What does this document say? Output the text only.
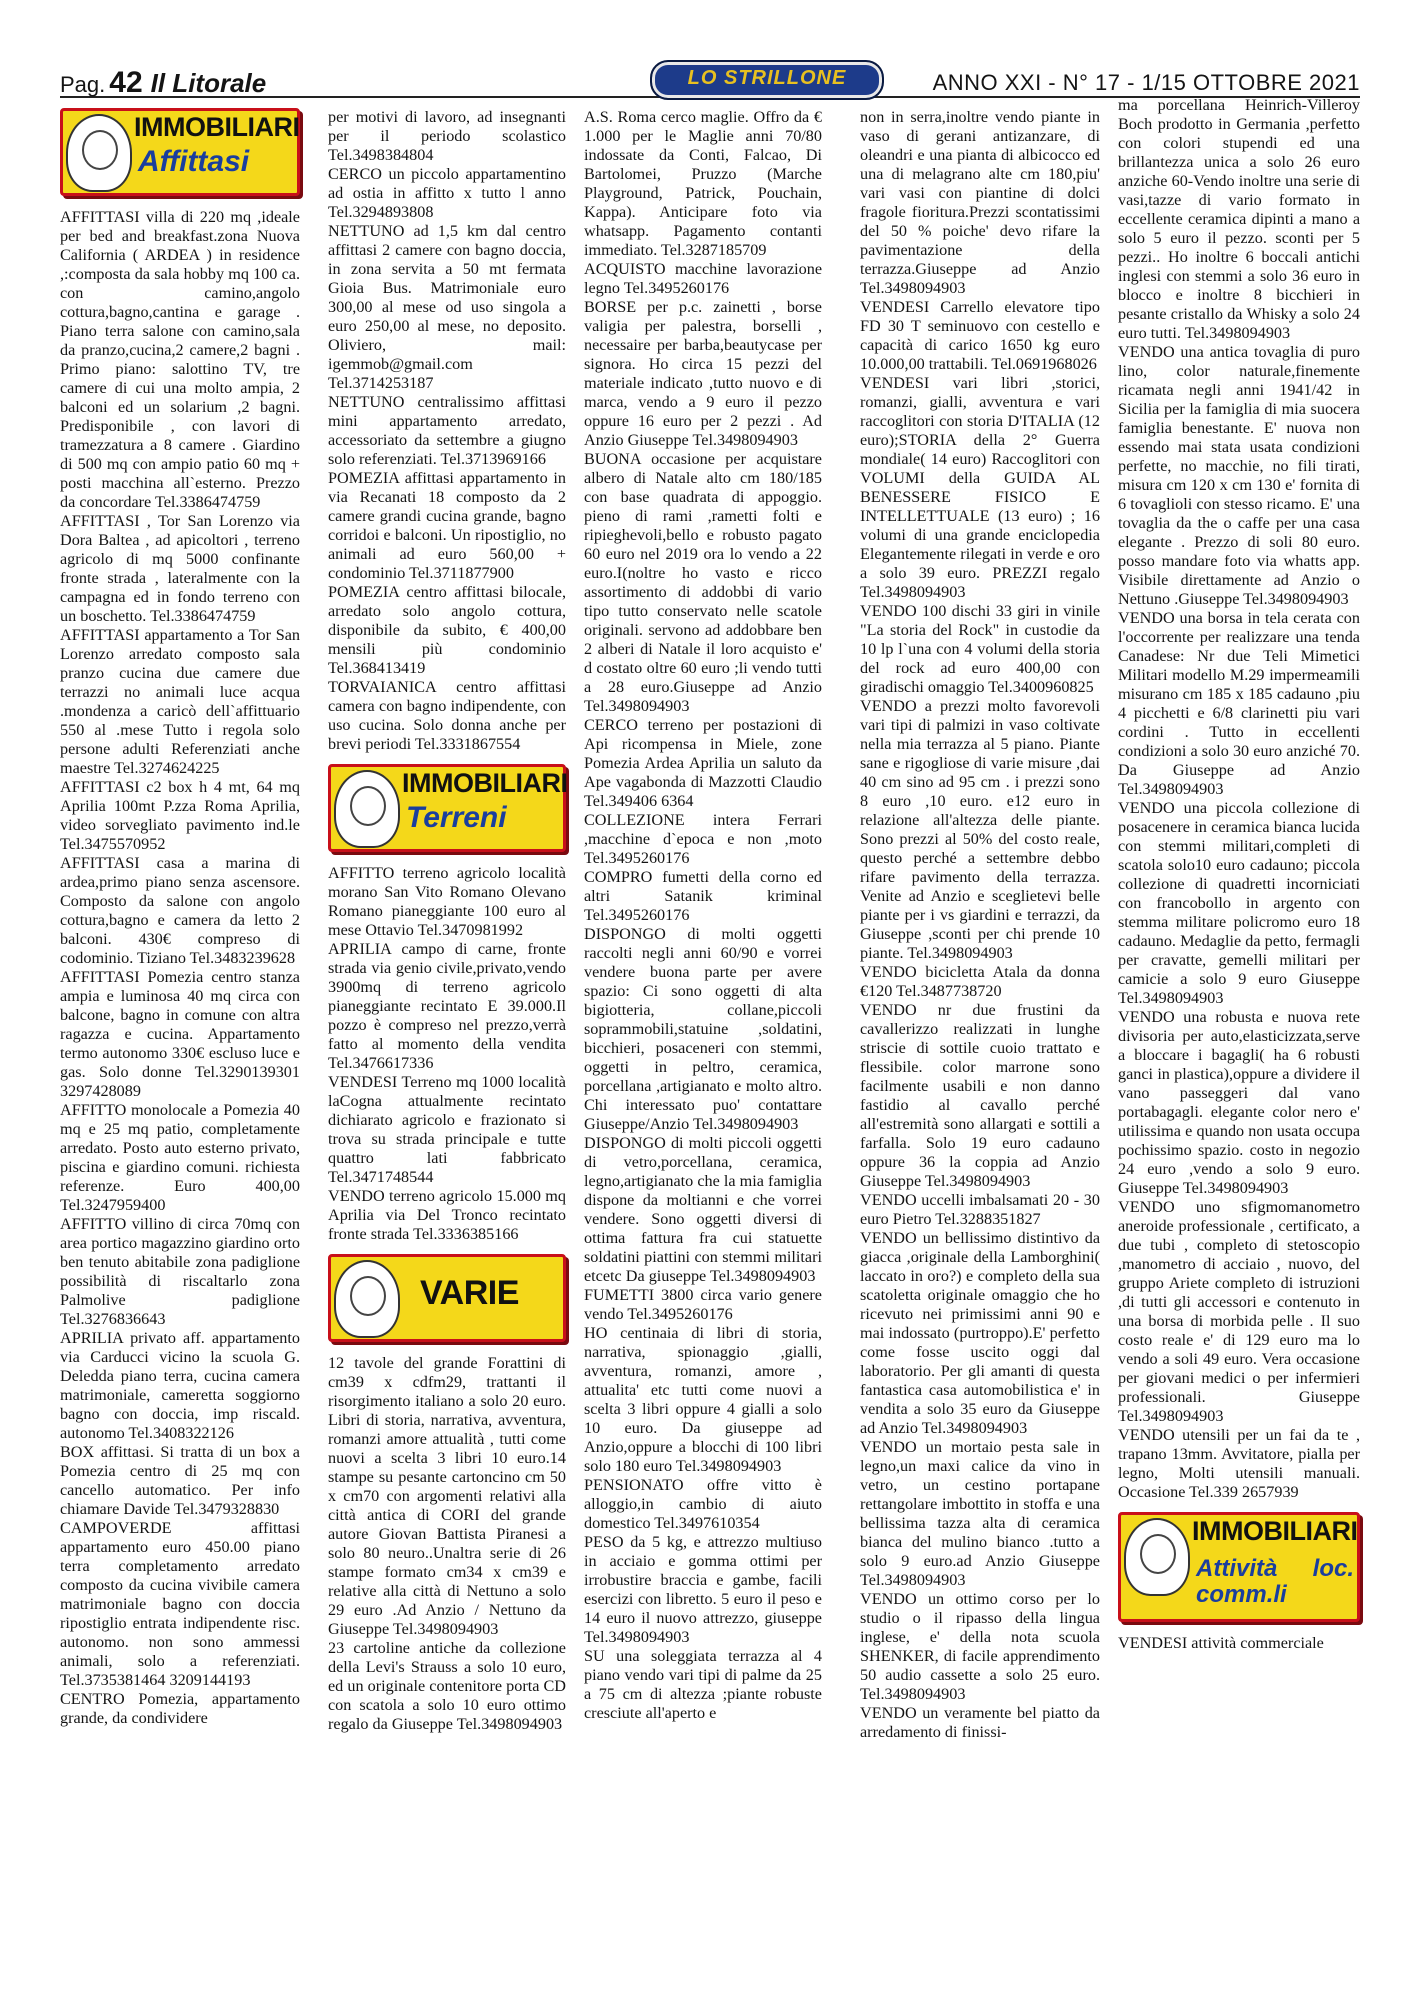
Pag. 42 Il Litorale	LO STRILLONE	ANNO XXI - N° 17 - 1/15 OTTOBRE 2021
IMMOBILIARI
Affittasi

AFFITTASI villa di 220 mq ,ideale per bed and breakfast.zona Nuova California ( ARDEA ) in residence ,:composta da sala hobby mq 100 ca. con camino,angolo cottura,bagno,cantina e garage . Piano terra salone con camino,sala da pranzo,cucina,2 camere,2 bagni . Primo piano: salottino TV, tre camere di cui una molto ampia, 2 balconi ed un solarium ,2 bagni. Predisponibile , con lavori di tramezzatura a 8 camere . Giardino di 500 mq con ampio patio 60 mq + posti macchina all`esterno. Prezzo da concordare Tel.3386474759

AFFITTASI , Tor San Lorenzo via Dora Baltea , ad apicoltori , terreno agricolo di mq 5000 confinante fronte strada , lateralmente con la campagna ed in fondo terreno con un boschetto. Tel.3386474759

AFFITTASI appartamento a Tor San Lorenzo arredato composto sala pranzo cucina due camere due terrazzi no animali luce acqua .mondenza a caricò dell`affittuario 550 al .mese Tutto i regola solo persone adulti Referenziati anche maestre Tel.3274624225

AFFITTASI c2 box h 4 mt, 64 mq Aprilia 100mt P.zza Roma Aprilia, video sorvegliato pavimento ind.le Tel.3475570952

AFFITTASI casa a marina di ardea,primo piano senza ascensore. Composto da salone con angolo cottura,bagno e camera da letto 2 balconi. 430€ compreso di codominio. Tiziano Tel.3483239628

AFFITTASI Pomezia centro stanza ampia e luminosa 40 mq circa con balcone, bagno in comune con altra ragazza e cucina. Appartamento termo autonomo 330€ escluso luce e gas. Solo donne Tel.3290139301 3297428089

AFFITTO monolocale a Pomezia 40 mq e 25 mq patio, completamente arredato. Posto auto esterno privato, piscina e giardino comuni. richiesta referenze. Euro 400,00 Tel.3247959400

AFFITTO villino di circa 70mq con area portico magazzino giardino orto ben tenuto abitabile zona padiglione possibilità di riscaltarlo zona Palmolive padiglione Tel.3276836643

APRILIA privato aff. appartamento via Carducci vicino la scuola G. Deledda piano terra, cucina camera matrimoniale, cameretta soggiorno bagno con doccia, imp riscald. autonomo Tel.3408322126

BOX affittasi. Si tratta di un box a Pomezia centro di 25 mq con cancello automatico. Per info chiamare Davide Tel.3479328830

CAMPOVERDE affittasi appartamento euro 450.00 piano terra completamento arredato composto da cucina vivibile camera matrimoniale bagno con doccia ripostiglio entrata indipendente risc. autonomo. non sono ammessi animali, solo a referenziati. Tel.3735381464 3209144193

CENTRO Pomezia, appartamento grande, da condividere

per motivi di lavoro, ad insegnanti per il periodo scolastico Tel.3498384804

CERCO un piccolo appartamentino ad ostia in affitto x tutto l anno Tel.3294893808

NETTUNO ad 1,5 km dal centro affittasi 2 camere con bagno doccia, in zona servita a 50 mt fermata Gioia Bus. Matrimoniale euro 300,00 al mese od uso singola a euro 250,00 al mese, no deposito. Oliviero, mail: igemmob@gmail.com Tel.3714253187

NETTUNO centralissimo affittasi mini appartamento arredato, accessoriato da settembre a giugno solo referenziati. Tel.3713969166

POMEZIA affittasi appartamento in via Recanati 18 composto da 2 camere grandi cucina grande, bagno corridoi e balconi. Un ripostiglio, no animali ad euro 560,00 + condominio Tel.3711877900

POMEZIA centro affittasi bilocale, arredato solo angolo cottura, disponibile da subito, € 400,00 mensili più condominio Tel.368413419

TORVAIANICA centro affittasi camera con bagno indipendente, con uso cucina. Solo donna anche per brevi periodi Tel.3331867554

IMMOBILIARI
Terreni

AFFITTO terreno agricolo località morano San Vito Romano Olevano Romano pianeggiante 100 euro al mese Ottavio Tel.3470981992

APRILIA campo di carne, fronte strada via genio civile,privato,vendo 3900mq di terreno agricolo pianeggiante recintato E 39.000.Il pozzo è compreso nel prezzo,verrà fatto al momento della vendita Tel.3476617336

VENDESI Terreno mq 1000 località laCogna attualmente recintato dichiarato agricolo e frazionato si trova su strada principale e tutte quattro lati fabbricato Tel.3471748544

VENDO terreno agricolo 15.000 mq Aprilia via Del Tronco recintato fronte strada Tel.3336385166

VARIE

12 tavole del grande Forattini di cm39 x cdfm29, trattanti il risorgimento italiano a solo 20 euro. Libri di storia, narrativa, avventura, romanzi amore attualità , tutti come nuovi a scelta 3 libri 10 euro.14 stampe su pesante cartoncino cm 50 x cm70 con argomenti relativi alla città antica di CORI del grande autore Giovan Battista Piranesi a solo 80 neuro..Unaltra serie di 26 stampe formato cm34 x cm39 e relative alla città di Nettuno a solo 29 euro .Ad Anzio / Nettuno da Giuseppe Tel.3498094903

23 cartoline antiche da collezione della Levi's Strauss a solo 10 euro, ed un originale contenitore porta CD con scatola a solo 10 euro ottimo regalo da Giuseppe Tel.3498094903

A.S. Roma cerco maglie. Offro da € 1.000 per le Maglie anni 70/80 indossate da Conti, Falcao, Di Bartolomei, Pruzzo (Marche Playground, Patrick, Pouchain, Kappa). Anticipare foto via whatsapp. Pagamento contanti immediato. Tel.3287185709

ACQUISTO macchine lavorazione legno Tel.3495260176

BORSE per p.c. zainetti , borse valigia per palestra, borselli , necessaire per barba,beautycase per signora. Ho circa 15 pezzi del materiale indicato ,tutto nuovo e di marca, vendo a 9 euro il pezzo oppure 16 euro per 2 pezzi . Ad Anzio Giuseppe Tel.3498094903

BUONA occasione per acquistare albero di Natale alto cm 180/185 con base quadrata di appoggio. pieno di rami ,rametti folti e ripieghevoli,bello e robusto pagato 60 euro nel 2019 ora lo vendo a 22 euro.I(noltre ho vasto e ricco assortimento di addobbi di vario tipo tutto conservato nelle scatole originali. servono ad addobbare ben 2 alberi di Natale il loro acquisto e' d costato oltre 60 euro ;li vendo tutti a 28 euro.Giuseppe ad Anzio Tel.3498094903

CERCO terreno per postazioni di Api ricompensa in Miele, zone Pomezia Ardea Aprilia un saluto da Ape vagabonda di Mazzotti Claudio Tel.349406 6364

COLLEZIONE intera Ferrari ,macchine d`epoca e non ,moto Tel.3495260176

COMPRO fumetti della corno ed altri Satanik kriminal Tel.3495260176

DISPONGO di molti oggetti raccolti negli anni 60/90 e vorrei vendere buona parte per avere spazio: Ci sono oggetti di alta bigiotteria, collane,piccoli soprammobili,statuine ,soldatini, bicchieri, posaceneri con stemmi, oggetti in peltro, ceramica, porcellana ,artigianato e molto altro. Chi interessato puo' contattare Giuseppe/Anzio Tel.3498094903

DISPONGO di molti piccoli oggetti di vetro,porcellana, ceramica, legno,artigianato che la mia famiglia dispone da moltianni e che vorrei vendere. Sono oggetti diversi di ottima fattura fra cui statuette soldatini piattini con stemmi militari etcetc Da giuseppe Tel.3498094903

FUMETTI 3800 circa vario genere vendo Tel.3495260176

HO centinaia di libri di storia, narrativa, spionaggio ,gialli, avventura, romanzi, amore , attualita' etc tutti come nuovi a scelta 3 libri oppure 4 gialli a solo 10 euro. Da giuseppe ad Anzio,oppure a blocchi di 100 libri solo 180 euro Tel.3498094903

PENSIONATO offre vitto è alloggio,in cambio di aiuto domestico Tel.3497610354

PESO da 5 kg, e attrezzo multiuso in acciaio e gomma ottimi per irrobustire braccia e gambe, facili esercizi con libretto. 5 euro il peso e 14 euro il nuovo attrezzo, giuseppe Tel.3498094903

SU una soleggiata terrazza al 4 piano vendo vari tipi di palme da 25 a 75 cm di altezza ;piante robuste cresciute all'aperto e

non in serra,inoltre vendo piante in vaso di gerani antizanzare, di oleandri e una pianta di albicocco ed una di melagrano alte cm 180,piu' vari vasi con piantine di dolci fragole fioritura.Prezzi scontatissimi del 50 % poiche' devo rifare la pavimentazione della terrazza.Giuseppe ad Anzio Tel.3498094903

VENDESI Carrello elevatore tipo FD 30 T seminuovo con cestello e capacità di carico 1650 kg euro 10.000,00 trattabili. Tel.0691968026

VENDESI vari libri ,storici, romanzi, gialli, avventura e vari raccoglitori con storia D'ITALIA (12 euro);STORIA della 2° Guerra mondiale( 14 euro) Raccoglitori con VOLUMI della GUIDA AL BENESSERE FISICO E INTELLETTUALE (13 euro) ; 16 volumi di una grande enciclopedia Elegantemente rilegati in verde e oro a solo 39 euro. PREZZI regalo Tel.3498094903

VENDO 100 dischi 33 giri in vinile "La storia del Rock" in custodie da 10 lp l`una con 4 volumi della storia del rock ad euro 400,00 con giradischi omaggio Tel.3400960825

VENDO a prezzi molto favorevoli vari tipi di palmizi in vaso coltivate nella mia terrazza al 5 piano. Piante sane e rigogliose di varie misure ,dai 40 cm sino ad 95 cm . i prezzi sono 8 euro ,10 euro. e12 euro in relazione all'altezza delle piante. Sono prezzi al 50% del costo reale, questo perché a settembre debbo rifare pavimento della terrazza. Venite ad Anzio e sceglietevi belle piante per i vs giardini e terrazzi, da Giuseppe ,sconti per chi prende 10 piante. Tel.3498094903

VENDO bicicletta Atala da donna €120 Tel.3487738720

VENDO nr due frustini da cavallerizzo realizzati in lunghe striscie di sottile cuoio trattato e flessibile. color marrone sono facilmente usabili e non danno fastidio al cavallo perché all'estremità sono allargati e sottili a farfalla. Solo 19 euro cadauno oppure 36 la coppia ad Anzio Giuseppe Tel.3498094903

VENDO uccelli imbalsamati 20 - 30 euro Pietro Tel.3288351827

VENDO un bellissimo distintivo da giacca ,originale della Lamborghini( laccato in oro?) e completo della sua scatoletta originale omaggio che ho ricevuto nei primissimi anni 90 e mai indossato (purtroppo).E' perfetto come fosse uscito oggi dal laboratorio. Per gli amanti di questa fantastica casa automobilistica e' in vendita a solo 35 euro da Giuseppe ad Anzio Tel.3498094903

VENDO un mortaio pesta sale in legno,un maxi calice da vino in vetro, un cestino portapane rettangolare imbottito in stoffa e una bellissima tazza alta di ceramica bianca del mulino bianco .tutto a solo 9 euro.ad Anzio Giuseppe Tel.3498094903

VENDO un ottimo corso per lo studio o il ripasso della lingua inglese, e' della nota scuola SHENKER, di facile apprendimento 50 audio cassette a solo 25 euro. Tel.3498094903

VENDO un veramente bel piatto da arredamento di finissi-

ma porcellana Heinrich-Villeroy Boch prodotto in Germania ,perfetto con colori stupendi ed una brillantezza unica a solo 26 euro anziche 60-Vendo inoltre una serie di vasi,tazze di vario formato in eccellente ceramica dipinti a mano a solo 5 euro il pezzo. sconti per 5 pezzi.. Ho inoltre 6 boccali antichi inglesi con stemmi a solo 36 euro in blocco e inoltre 8 bicchieri in pesante cristallo da Whisky a solo 24 euro tutti. Tel.3498094903

VENDO una antica tovaglia di puro lino, color naturale,finemente ricamata negli anni 1941/42 in Sicilia per la famiglia di mia suocera famiglia benestante. E' nuova non essendo mai stata usata condizioni perfette, no macchie, no fili tirati, misura cm 120 x cm 130 e' fornita di 6 tovaglioli con stesso ricamo. E' una tovaglia da the o caffe per una casa elegante . Prezzo di soli 80 euro. posso mandare foto via whatts app. Visibile direttamente ad Anzio o Nettuno .Giuseppe Tel.3498094903

VENDO una borsa in tela cerata con l'occorrente per realizzare una tenda Canadese: Nr due Teli Mimetici Militari modello M.29 impermeamili misurano cm 185 x 185 cadauno ,piu 4 picchetti e 6/8 clarinetti piu vari cordini . Tutto in eccellenti condizioni a solo 30 euro anziché 70. Da Giuseppe ad Anzio Tel.3498094903

VENDO una piccola collezione di posacenere in ceramica bianca lucida con stemmi militari,completi di scatola solo10 euro cadauno; piccola collezione di quadretti incorniciati con francobollo in argento con stemma militare policromo euro 18 cadauno. Medaglie da petto, fermagli per cravatte, gemelli militari per camicie a solo 9 euro Giuseppe Tel.3498094903

VENDO una robusta e nuova rete divisoria per auto,elasticizzata,serve a bloccare i bagagli( ha 6 robusti ganci in plastica),oppure a dividere il vano passeggeri dal vano portabagagli. elegante color nero e' utilissima e quando non usata occupa pochissimo spazio. costo in negozio 24 euro ,vendo a solo 9 euro. Giuseppe Tel.3498094903

VENDO uno sfigmomanometro aneroide professionale , certificato, a due tubi , completo di stetoscopio ,manometro di acciaio , nuovo, del gruppo Ariete completo di istruzioni ,di tutti gli accessori e contenuto in una borsa di morbida pelle . Il suo costo reale e' di 129 euro ma lo vendo a soli 49 euro. Vera occasione per giovani medici o per infermieri professionali. Giuseppe Tel.3498094903

VENDO utensili per un fai da te , trapano 13mm. Avvitatore, pialla per legno, Molti utensili manuali. Occasione Tel.339 2657939

IMMOBILIARI
Attività loc. comm.li

VENDESI attività commerciale
